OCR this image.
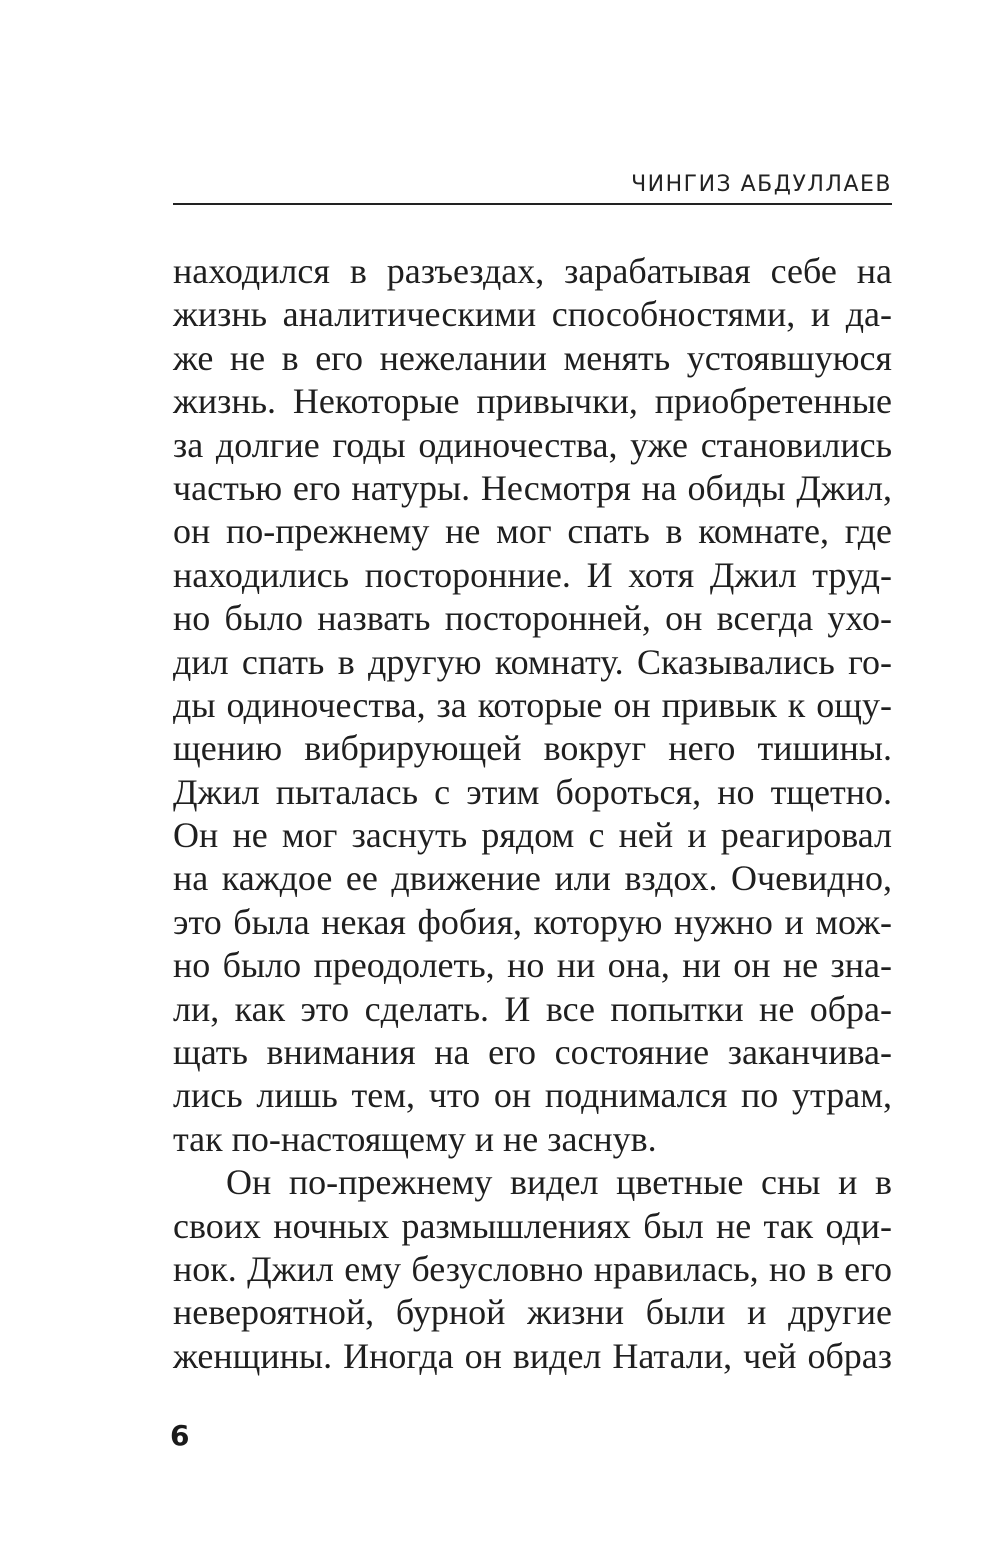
ЧИНГИЗ АБДУЛЛАЕВ
находился в разъездах, зарабатывая себе на
жизнь аналитическими способностями, и да-
же не в его нежелании менять устоявшуюся
жизнь. Некоторые привычки, приобретенные
за долгие годы одиночества, уже становились
частью его натуры. Несмотря на обиды Джил,
он по-прежнему не мог спать в комнате, где
находились посторонние. И хотя Джил труд-
но было назвать посторонней, он всегда ухо-
дил спать в другую комнату. Сказывались го-
ды одиночества, за которые он привык к ощу-
щению вибрирующей вокруг него тишины.
Джил пыталась с этим бороться, но тщетно.
Он не мог заснуть рядом с ней и реагировал
на каждое ее движение или вздох. Очевидно,
это была некая фобия, которую нужно и мож-
но было преодолеть, но ни она, ни он не зна-
ли, как это сделать. И все попытки не обра-
щать внимания на его состояние заканчива-
лись лишь тем, что он поднимался по утрам,
так по-настоящему и не заснув.
Он по-прежнему видел цветные сны и в
своих ночных размышлениях был не так оди-
нок. Джил ему безусловно нравилась, но в его
невероятной, бурной жизни были и другие
женщины. Иногда он видел Натали, чей образ
6
